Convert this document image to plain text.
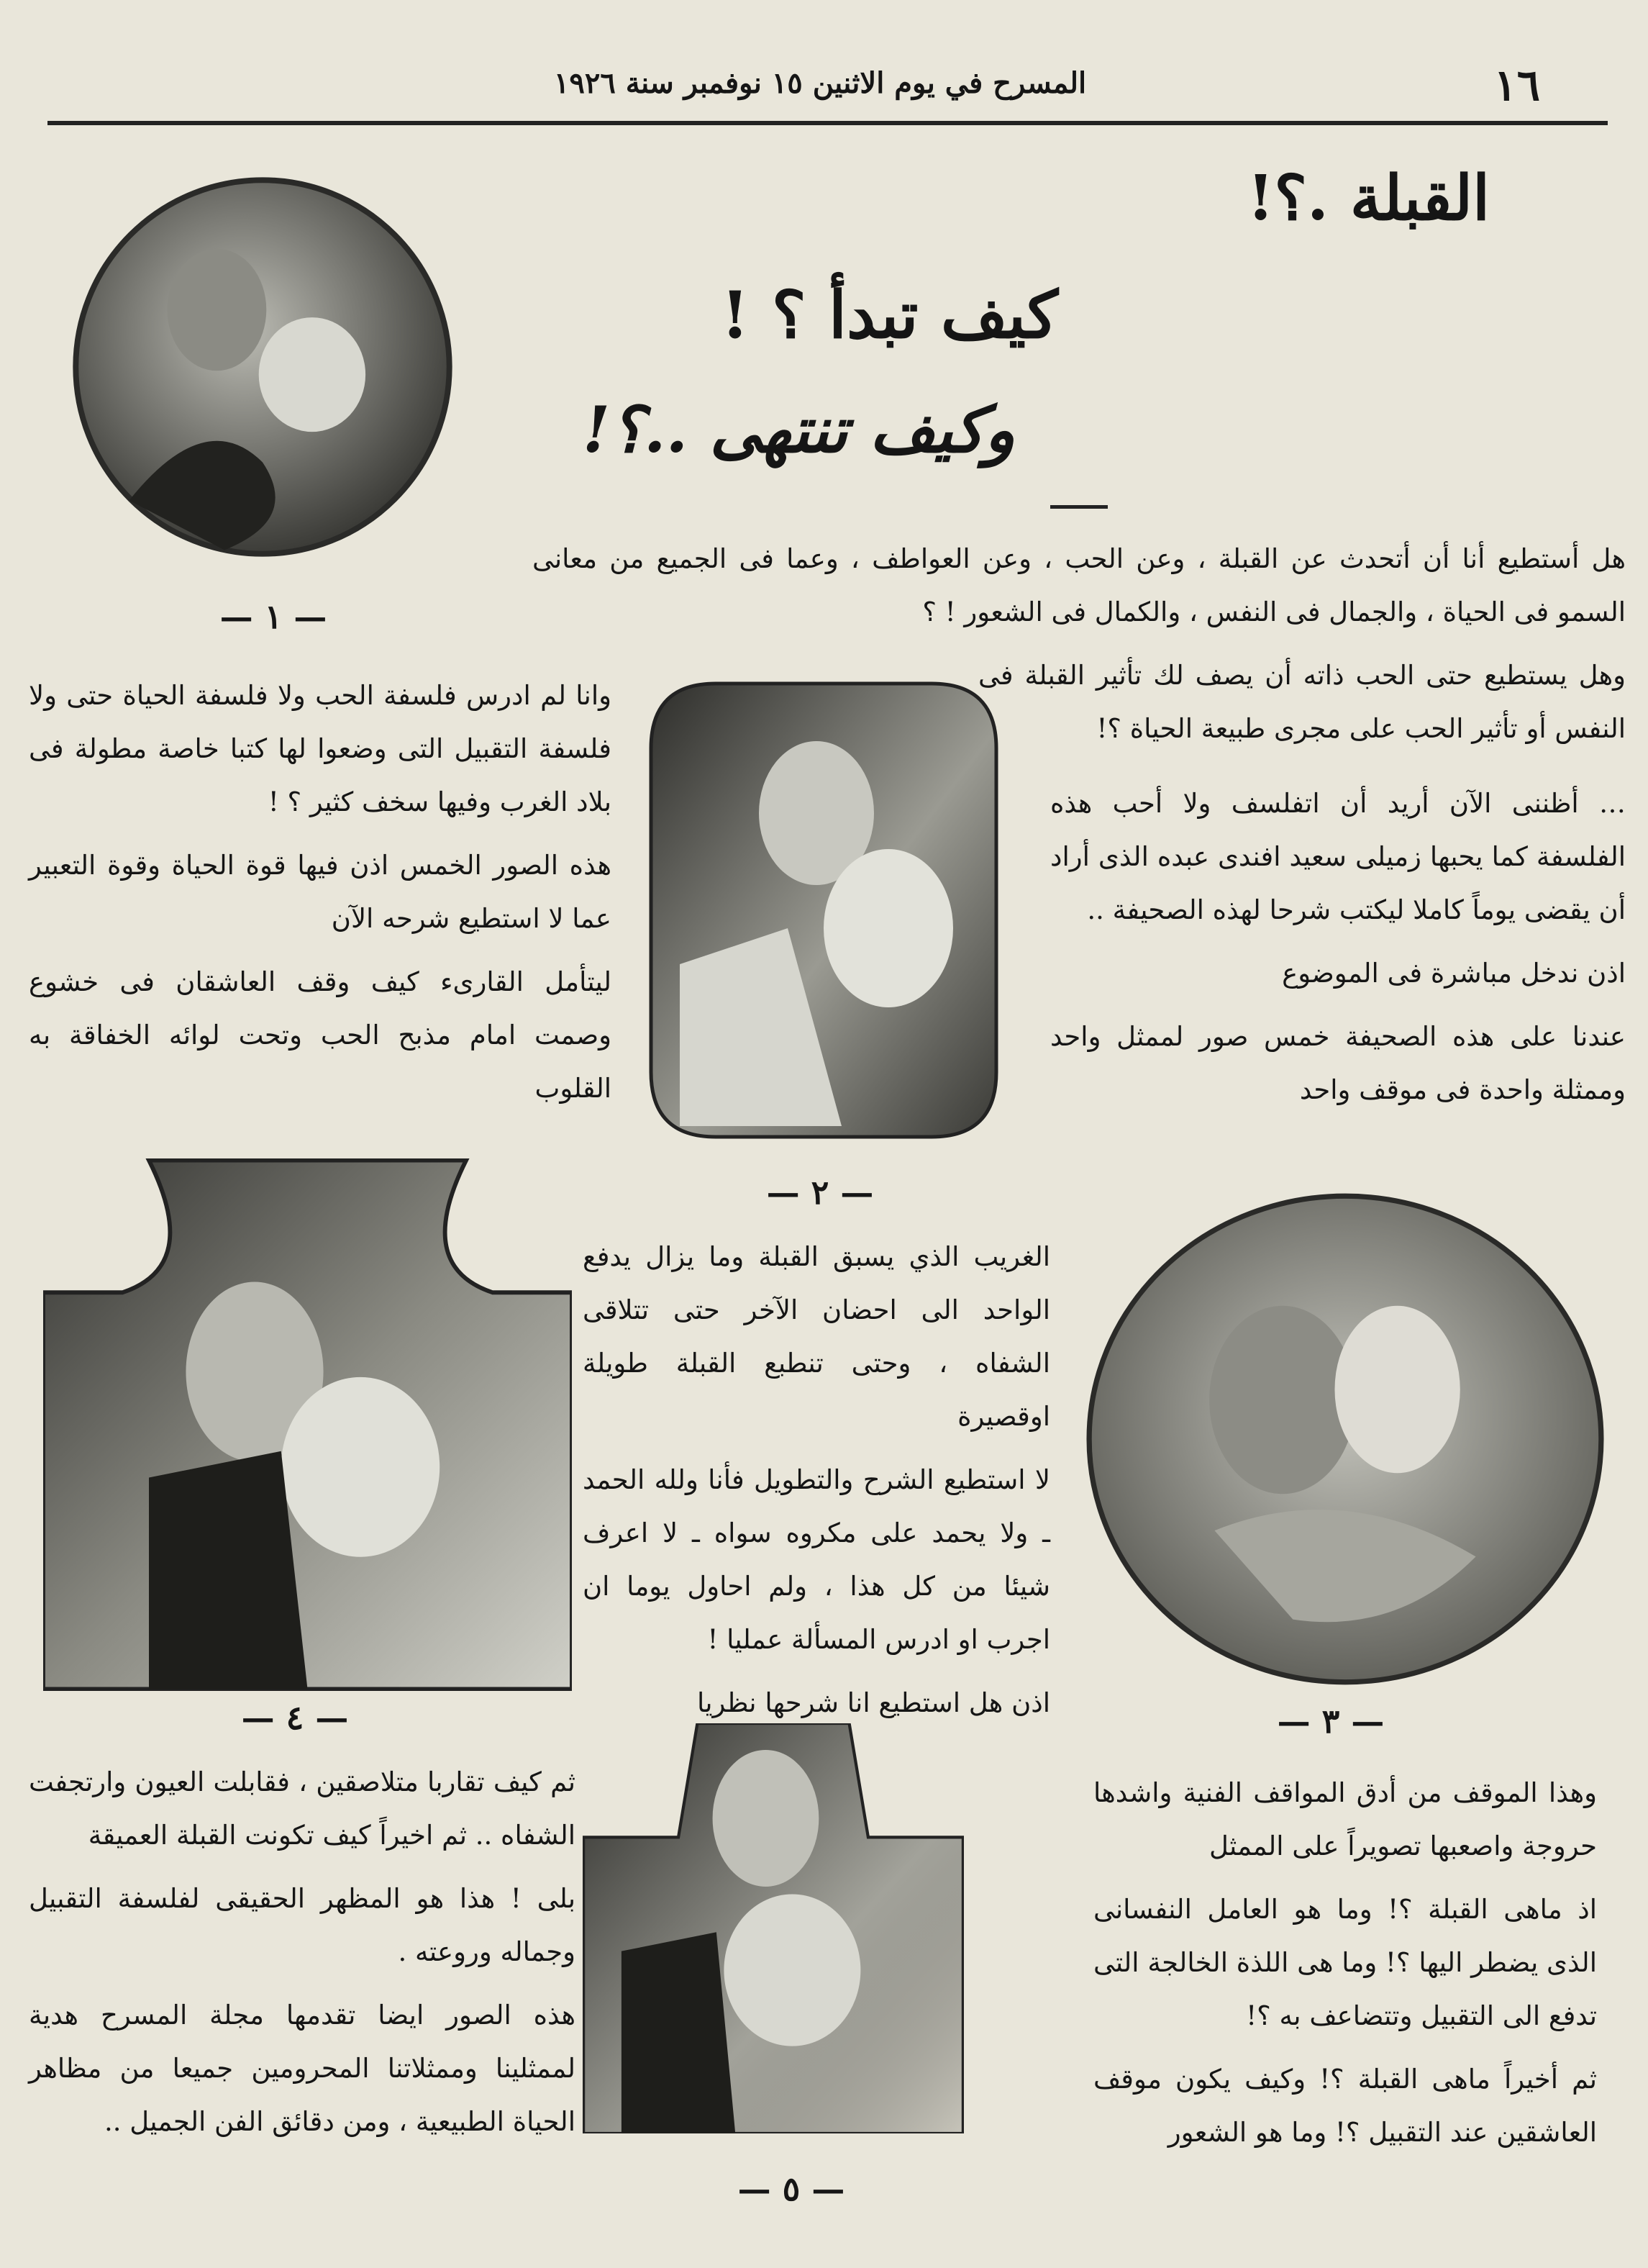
١٦
المسرح في يوم الاثنين ١٥ نوفمبر سنة ١٩٢٦
القبلة .؟!
كيف تبدأ ؟ !
وكيف تنتهى ..؟!
— ١ —

هل أستطيع أنا أن أتحدث عن القبلة ، وعن الحب ، وعن العواطف ، وعما فى الجميع من معانى السمو فى الحياة ، والجمال فى النفس ، والكمال فى الشعور ! ؟

وهل يستطيع حتى الحب ذاته أن يصف لك تأثير القبلة فى النفس أو تأثير الحب على مجرى طبيعة الحياة ؟!

… أظننى الآن أريد أن اتفلسف ولا أحب هذه الفلسفة كما يحبها زميلى سعيد افندى عبده الذى أراد أن يقضى يوماً كاملا ليكتب شرحا لهذه الصحيفة ..

اذن ندخل مباشرة فى الموضوع

عندنا على هذه الصحيفة خمس صور لممثل واحد وممثلة واحدة فى موقف واحد

وانا لم ادرس فلسفة الحب ولا فلسفة الحياة حتى ولا فلسفة التقبيل التى وضعوا لها كتبا خاصة مطولة فى بلاد الغرب وفيها سخف كثير ؟ !

هذه الصور الخمس اذن فيها قوة الحياة وقوة التعبير عما لا استطيع شرحه الآن

ليتأمل القارىء كيف وقف العاشقان فى خشوع وصمت امام مذبح الحب وتحت لوائه الخفاقة به القلوب

— ٢ —

الغريب الذي يسبق القبلة وما يزال يدفع الواحد الى احضان الآخر حتى تتلاقى الشفاه ، وحتى تنطبع القبلة طويلة اوقصيرة

لا استطيع الشرح والتطويل فأنا ولله الحمد ـ ولا يحمد على مكروه سواه ـ لا اعرف شيئا من كل هذا ، ولم احاول يوما ان اجرب او ادرس المسألة عمليا !

اذن هل استطيع انا شرحها نظريا

— ٤ —	— ٣ —
— ٥ —

ثم كيف تقاربا متلاصقين ، فقابلت العيون وارتجفت الشفاه .. ثم اخيراً كيف تكونت القبلة العميقة

بلى ! هذا هو المظهر الحقيقى لفلسفة التقبيل وجماله وروعته .

هذه الصور ايضا تقدمها مجلة المسرح هدية لممثلينا وممثلاتنا المحرومين جميعا من مظاهر الحياة الطبيعية ، ومن دقائق الفن الجميل ..

وهذا الموقف من أدق المواقف الفنية واشدها حروجة واصعبها تصويراً على الممثل

اذ ماهى القبلة ؟! وما هو العامل النفسانى الذى يضطر اليها ؟! وما هى اللذة الخالجة التى تدفع الى التقبيل وتتضاعف به ؟!

ثم أخيراً ماهى القبلة ؟! وكيف يكون موقف العاشقين عند التقبيل ؟! وما هو الشعور
